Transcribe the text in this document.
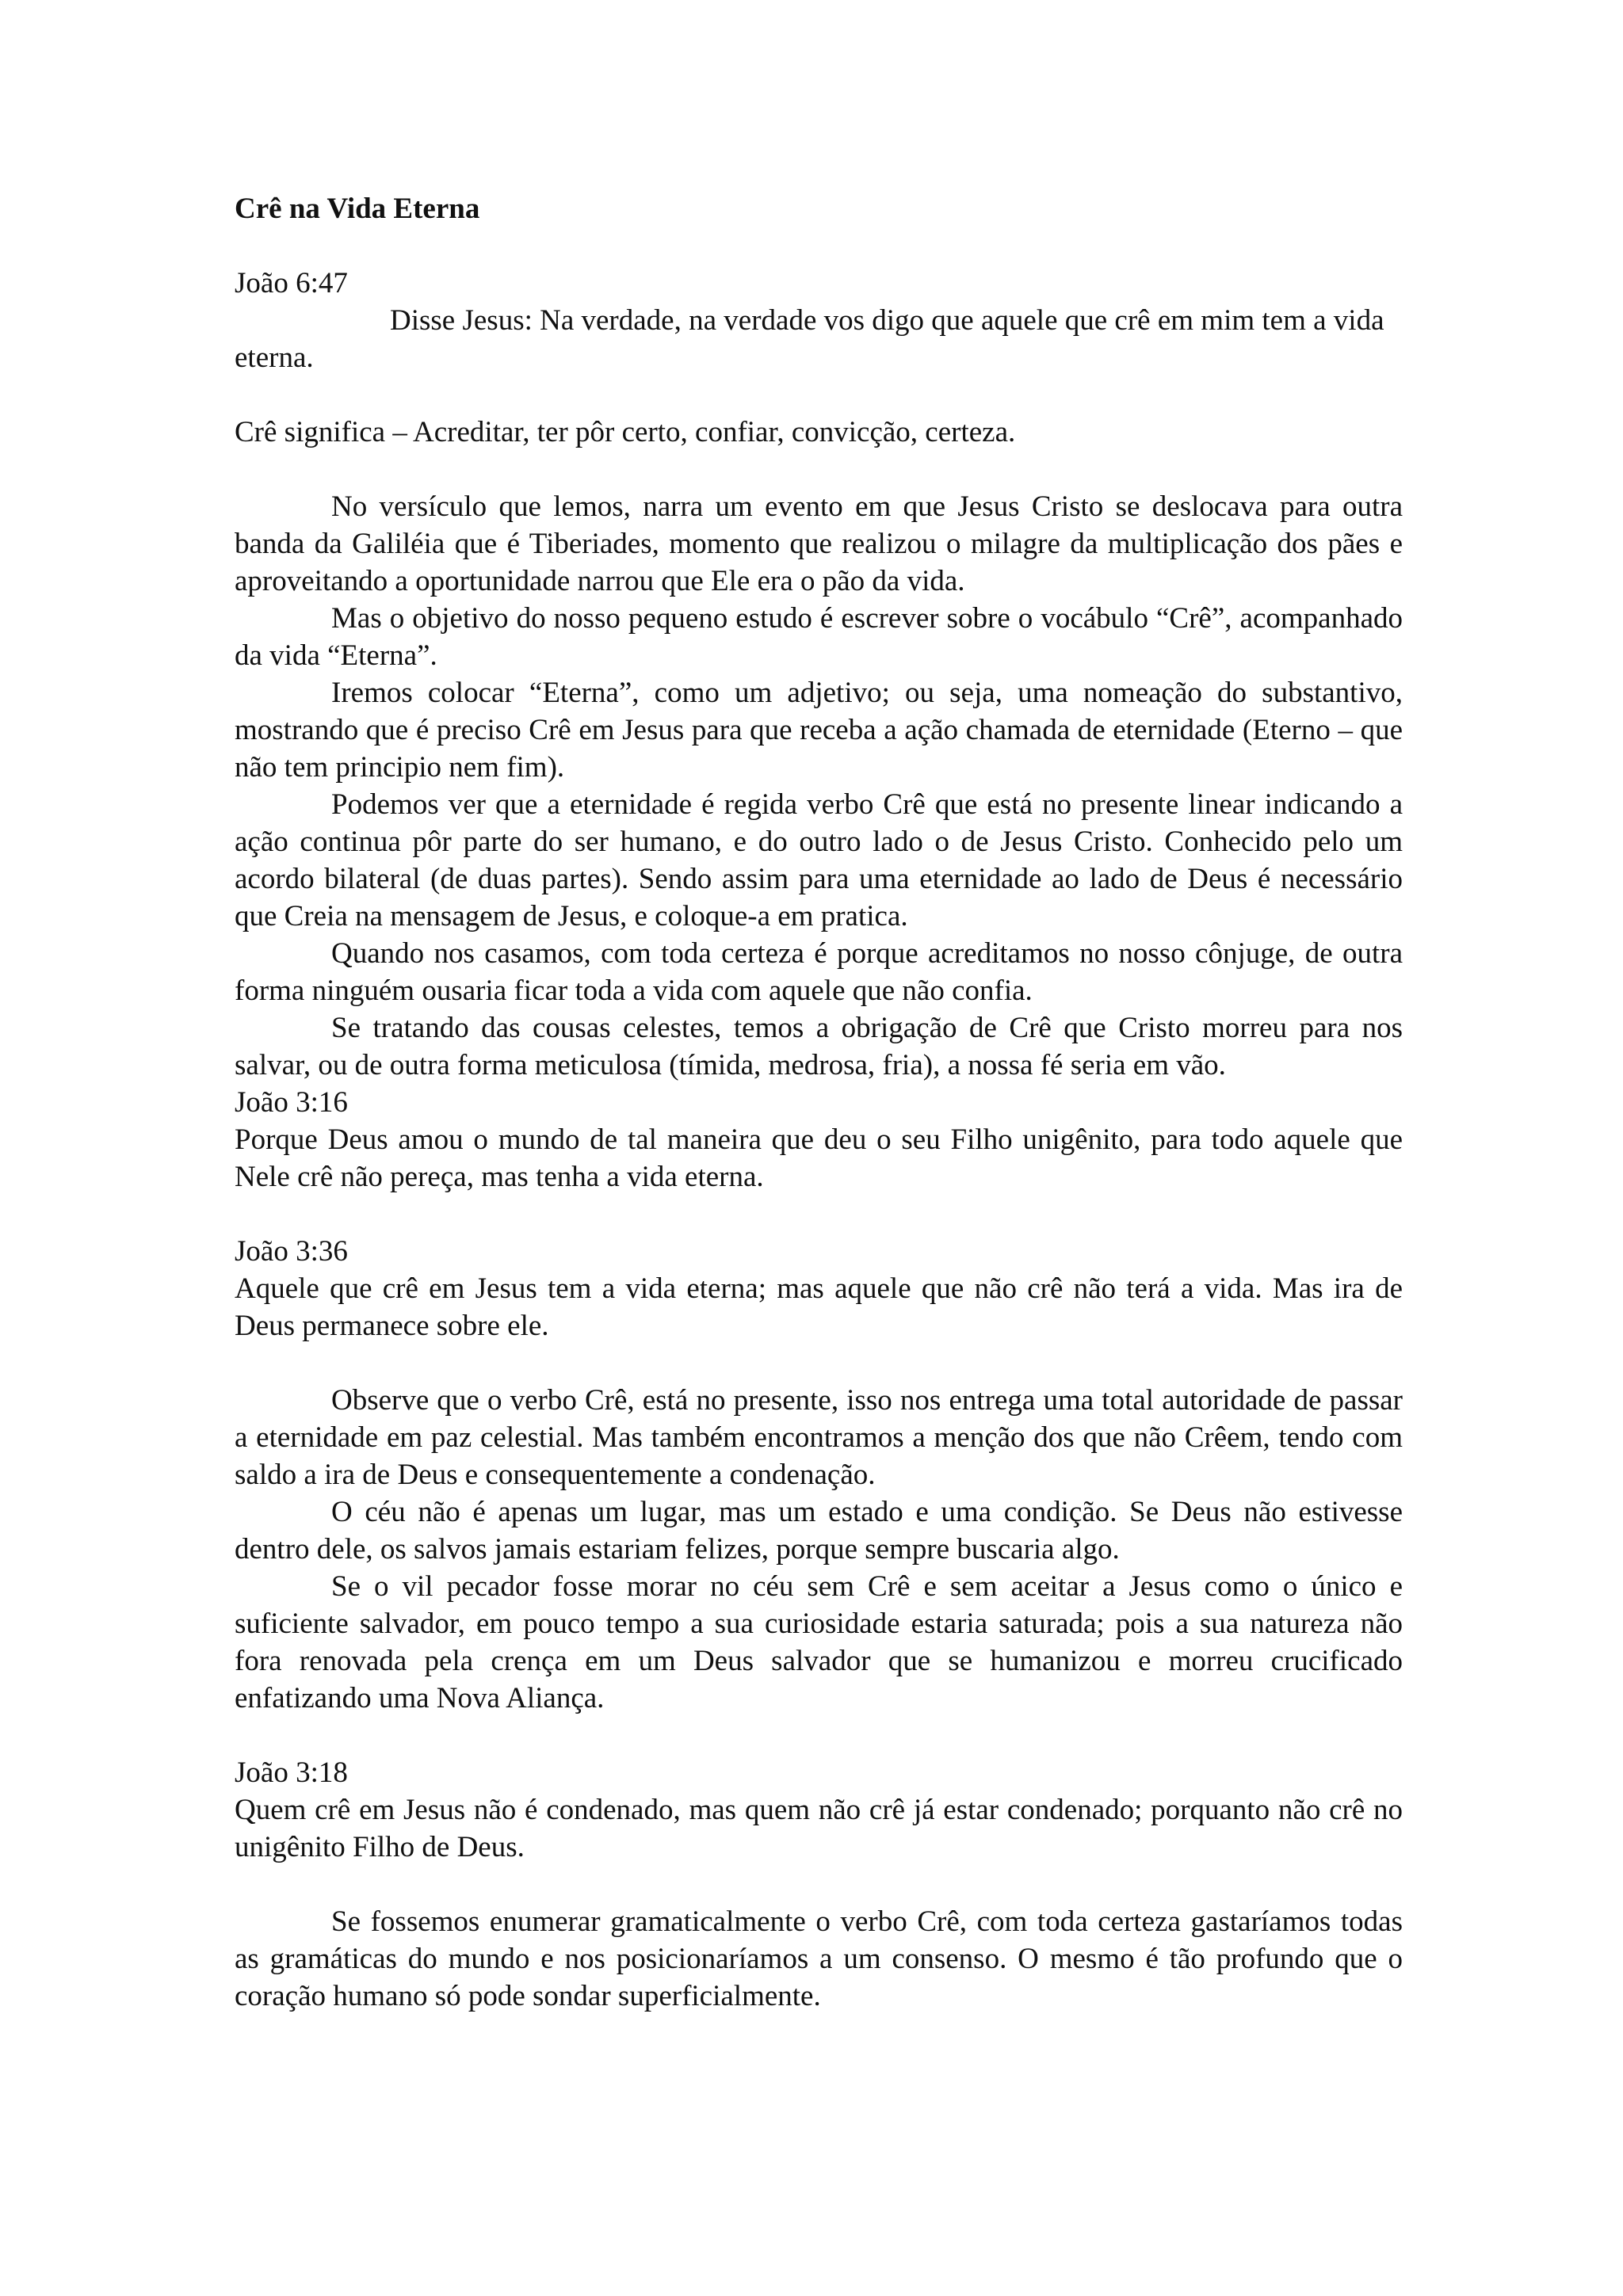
Crê na Vida Eterna

João 6:47

Disse Jesus: Na verdade, na verdade vos digo que aquele que crê em mim tem a vida eterna.

Crê significa – Acreditar, ter pôr certo, confiar, convicção, certeza.

No versículo que lemos, narra um evento em que Jesus Cristo se deslocava para outra banda da Galiléia que é Tiberiades, momento que realizou o milagre da multiplicação dos pães e aproveitando a oportunidade narrou que Ele era o pão da vida.

Mas o objetivo do nosso pequeno estudo é escrever sobre o vocábulo “Crê”, acompanhado da vida “Eterna”.

Iremos colocar “Eterna”, como um adjetivo; ou seja, uma nomeação do substantivo, mostrando que é preciso Crê em Jesus para que receba a ação chamada de eternidade (Eterno – que não tem principio nem fim).

Podemos ver que a eternidade é regida verbo Crê que está no presente linear indicando a ação continua pôr parte do ser humano, e do outro lado o de Jesus Cristo. Conhecido pelo um acordo bilateral (de duas partes). Sendo assim para uma eternidade ao lado de Deus é necessário que Creia na mensagem de Jesus, e coloque-a em pratica.

Quando nos casamos, com toda certeza é porque acreditamos no nosso cônjuge, de outra forma ninguém ousaria ficar toda a vida com aquele que não confia.

Se tratando das cousas celestes, temos a obrigação de Crê que Cristo morreu para nos salvar, ou de outra forma meticulosa (tímida, medrosa, fria), a nossa fé seria em vão.

João 3:16

Porque Deus amou o mundo de tal maneira que deu o seu Filho unigênito, para todo aquele que Nele crê não pereça, mas tenha a vida eterna.

João 3:36

Aquele que crê em Jesus tem a vida eterna; mas aquele que não crê não terá a vida. Mas ira de Deus permanece sobre ele.

Observe que o verbo Crê, está no presente, isso nos entrega uma total autoridade de passar a eternidade em paz celestial. Mas também encontramos a menção dos que não Crêem, tendo com saldo a ira de Deus e consequentemente a condenação.

O céu não é apenas um lugar, mas um estado e uma condição. Se Deus não estivesse dentro dele, os salvos jamais estariam felizes, porque sempre buscaria algo.

Se o vil pecador fosse morar no céu sem Crê e sem aceitar a Jesus como o único e suficiente salvador, em pouco tempo a sua curiosidade estaria saturada; pois a sua natureza não fora renovada pela crença em um Deus salvador que se humanizou e morreu crucificado enfatizando uma Nova Aliança.

João 3:18

Quem crê em Jesus não é condenado, mas quem não crê já estar condenado; porquanto não crê no unigênito Filho de Deus.

Se fossemos enumerar gramaticalmente o verbo Crê, com toda certeza gastaríamos todas as gramáticas do mundo e nos posicionaríamos a um consenso. O mesmo é tão profundo que o coração humano só pode sondar superficialmente.
